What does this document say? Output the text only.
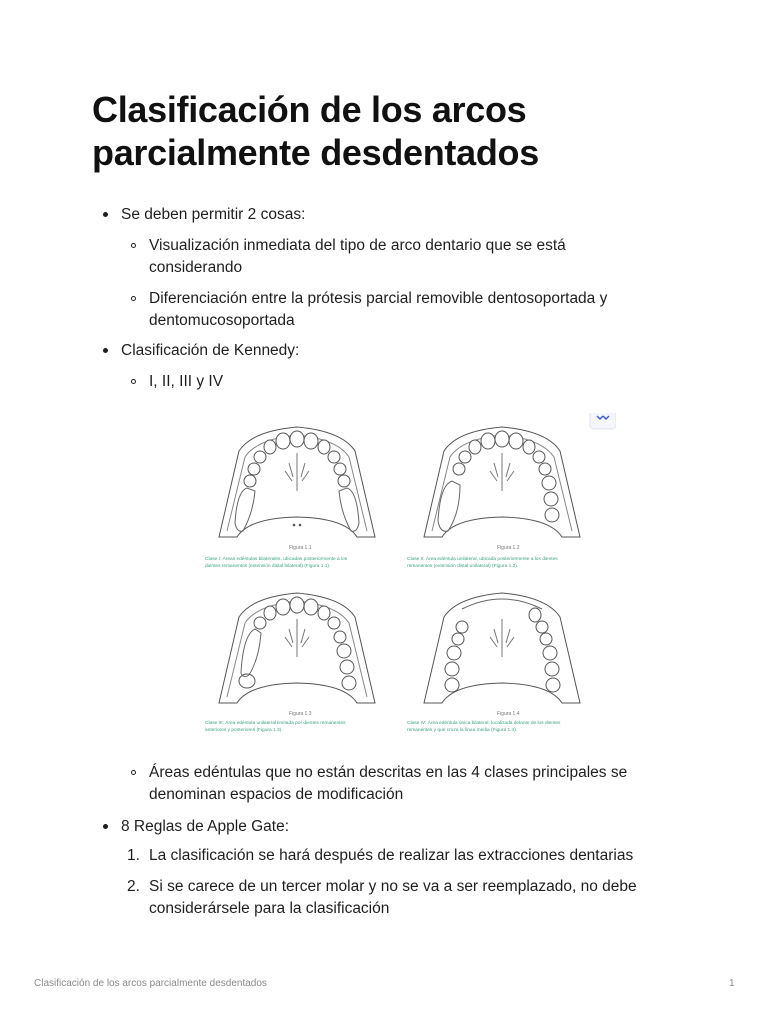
Clasificación de los arcos parcialmente desdentados
Se deben permitir 2 cosas:
Visualización inmediata del tipo de arco dentario que se está
considerando
Diferenciación entre la prótesis parcial removible dentosoportada y
dentomucosoportada
Clasificación de Kennedy:
I, II, III y IV
Figura 1.1
Clase I: Áreas edéntulas bilaterales, ubicadas posteriormente a los
dientes remanentes (extensión distal bilateral) (Figura 1.1).
Figura 1.2
Clase II: Área edéntula unilateral, ubicada posteriormente a los dientes
remanentes (extensión distal unilateral) (Figura 1.2).
Figura 1.3
Clase III: Área edéntula unilateral limitada por dientes remanentes
anteriores y posteriores (Figura 1.3).
Figura 1.4
Clase IV: Área edéntula única bilateral, localizada delante de los dientes
remanentes y que cruza la línea media (Figura 1.4).
Áreas edéntulas que no están descritas en las 4 clases principales se
denominan espacios de modificación
8 Reglas de Apple Gate:
1. La clasificación se hará después de realizar las extracciones dentarias
2. Si se carece de un tercer molar y no se va a ser reemplazado, no debe
considerársele para la clasificación
Clasificación de los arcos parcialmente desdentados	1
